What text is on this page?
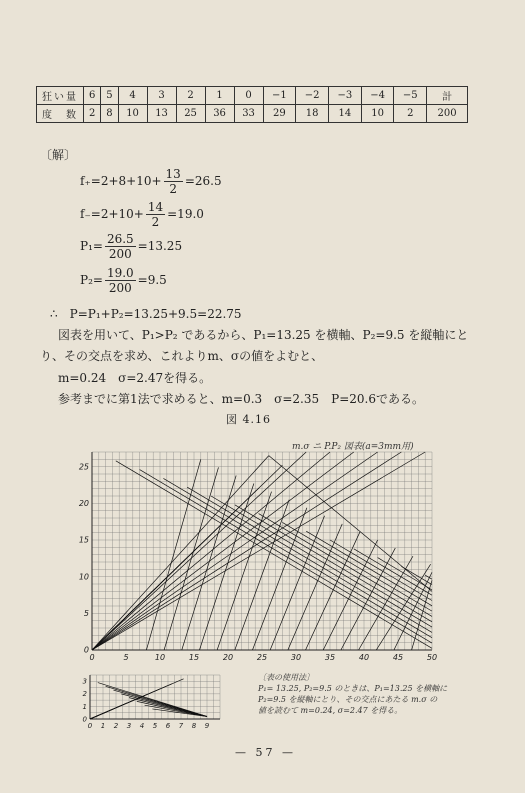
狂い量	6	5	4	3	2	1	0	−1	−2	−3	−4	−5	計
度　数	2	8	10	13	25	36	33	29	18	14	10	2	200
〔解〕
$f_+=2+8+10+ \frac{13}{2} =26.5$
$f_-=2+10+ \frac{14}{2} =19.0$
$P_1= \frac{26.5}{200} =13.25$
$P_2= \frac{19.0}{200} =9.5$
∴　P=P₁+P₂=13.25+9.5=22.75
図表を用いて、P₁>P₂ であるから、P₁=13.25 を横軸、P₂=9.5 を縦軸にと
り、その交点を求め、これよりm、σの値をよむと、
m=0.24　σ=2.47を得る。
参考までに第1法で求めると、m=0.3　σ=2.35　P=20.6である。
図 4.16
m.σ ニ P.P₂ 図表(a=3mm用)
0	5	10	15	20	25	30	35	40	45	50
0
5
10
15
20
25
0 1 2 3 4 5 6 7 8 9
0
1
2
3	〔表の使用法〕
P₁= 13.25, P₂=9.5 のときは、P₁=13.25 を横軸に
P₂=9.5 を縦軸にとり、その交点にあたる m.σ の
値を読むて m=0.24, σ=2.47 を得る。
— 57 —
